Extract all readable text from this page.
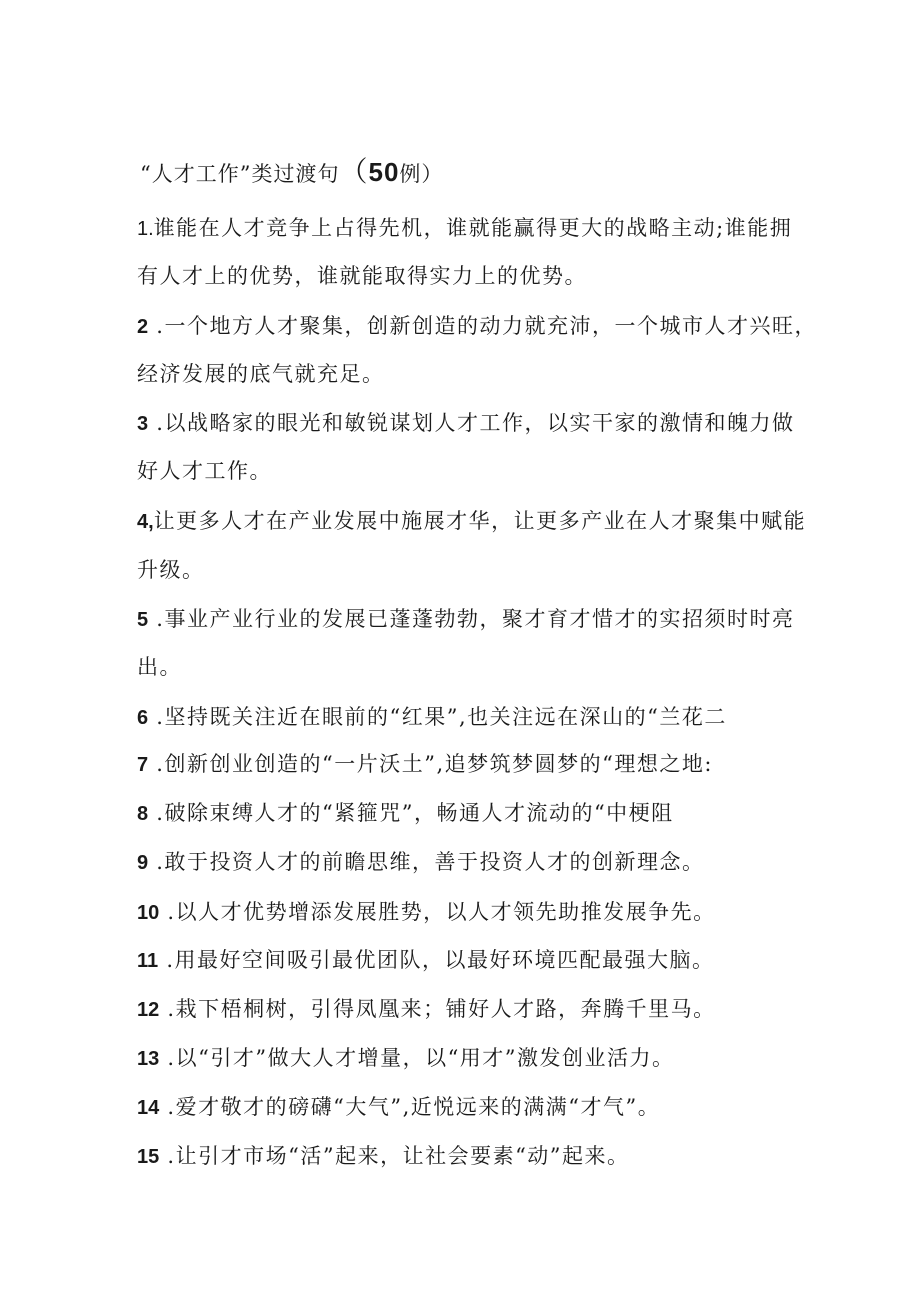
“人才工作”类过渡句（50例）
1.谁能在人才竞争上占得先机，谁就能赢得更大的战略主动;谁能拥
有人才上的优势，谁就能取得实力上的优势。
2 .一个地方人才聚集，创新创造的动力就充沛，一个城市人才兴旺，
经济发展的底气就充足。
3 .以战略家的眼光和敏锐谋划人才工作，以实干家的激情和魄力做
好人才工作。
4,让更多人才在产业发展中施展才华，让更多产业在人才聚集中赋能
升级。
5 .事业产业行业的发展已蓬蓬勃勃，聚才育才惜才的实招须时时亮
出。
6 .坚持既关注近在眼前的“红果”,也关注远在深山的“兰花二
7 .创新创业创造的“一片沃土”,追梦筑梦圆梦的“理想之地:
8 .破除束缚人才的“紧箍咒”，畅通人才流动的“中梗阻
9 .敢于投资人才的前瞻思维，善于投资人才的创新理念。
10 .以人才优势增添发展胜势，以人才领先助推发展争先。
11 .用最好空间吸引最优团队，以最好环境匹配最强大脑。
12 .栽下梧桐树，引得凤凰来；铺好人才路，奔腾千里马。
13 .以“引才”做大人才增量，以“用才”激发创业活力。
14 .爱才敬才的磅礴“大气”,近悦远来的满满“才气”。
15 .让引才市场“活”起来，让社会要素“动”起来。
